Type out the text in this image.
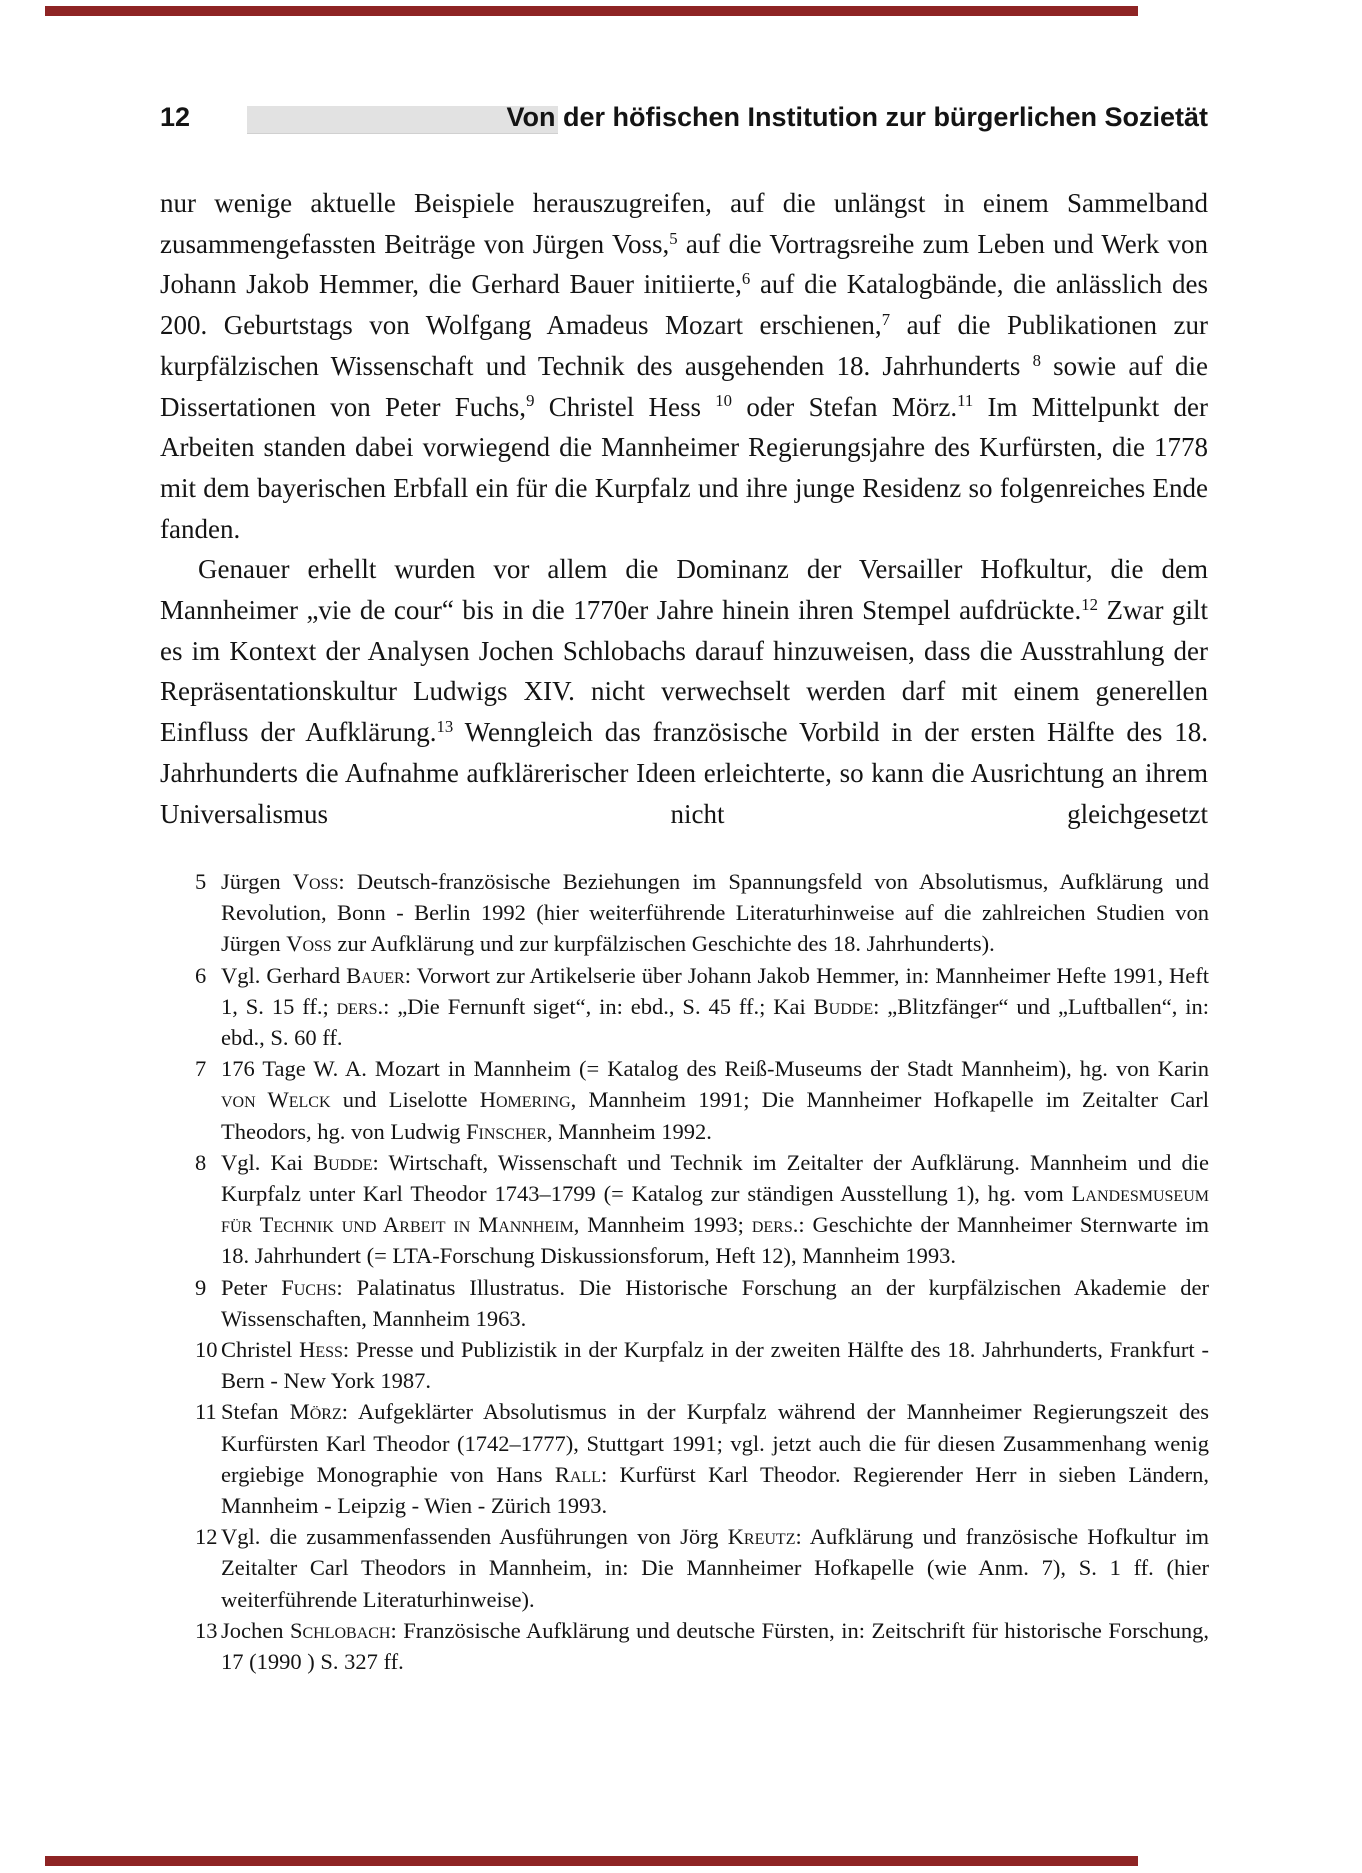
12	Von der höfischen Institution zur bürgerlichen Sozietät

nur wenige aktuelle Beispiele herauszugreifen, auf die unlängst in einem Sammelband zusammengefassten Beiträge von Jürgen Voss,$^5$ auf die Vortragsreihe zum Leben und Werk von Johann Jakob Hemmer, die Gerhard Bauer initiierte,$^6$ auf die Katalogbände, die anlässlich des 200. Geburtstags von Wolfgang Amadeus Mozart erschienen,$^7$ auf die Publikationen zur kurpfälzischen Wissenschaft und Technik des ausgehenden 18. Jahrhunderts $^8$ sowie auf die Dissertationen von Peter Fuchs,$^9$ Christel Hess $^{10}$ oder Stefan Mörz.$^{11}$ Im Mittelpunkt der Arbeiten standen dabei vorwiegend die Mannheimer Regierungsjahre des Kurfürsten, die 1778 mit dem bayerischen Erbfall ein für die Kurpfalz und ihre junge Residenz so folgenreiches Ende fanden.

Genauer erhellt wurden vor allem die Dominanz der Versailler Hofkultur, die dem Mannheimer „vie de cour“ bis in die 1770er Jahre hinein ihren Stempel aufdrückte.$^{12}$ Zwar gilt es im Kontext der Analysen Jochen Schlobachs darauf hinzuweisen, dass die Ausstrahlung der Repräsentationskultur Ludwigs XIV. nicht verwechselt werden darf mit einem generellen Einfluss der Aufklärung.$^{13}$ Wenngleich das französische Vorbild in der ersten Hälfte des 18. Jahrhunderts die Aufnahme aufklärerischer Ideen erleichterte, so kann die Ausrichtung an ihrem Universalismus nicht gleichgesetzt

5 Jürgen Voss: Deutsch-französische Beziehungen im Spannungsfeld von Absolutismus, Aufklärung und Revolution, Bonn - Berlin 1992 (hier weiterführende Literaturhinweise auf die zahlreichen Studien von Jürgen Voss zur Aufklärung und zur kurpfälzischen Geschichte des 18. Jahrhunderts).
6 Vgl. Gerhard Bauer: Vorwort zur Artikelserie über Johann Jakob Hemmer, in: Mannheimer Hefte 1991, Heft 1, S. 15 ff.; ders.: „Die Fernunft siget“, in: ebd., S. 45 ff.; Kai Budde: „Blitzfänger“ und „Luftballen“, in: ebd., S. 60 ff.
7 176 Tage W. A. Mozart in Mannheim (= Katalog des Reiß-Museums der Stadt Mannheim), hg. von Karin von Welck und Liselotte Homering, Mannheim 1991; Die Mannheimer Hofkapelle im Zeitalter Carl Theodors, hg. von Ludwig Finscher, Mannheim 1992.
8 Vgl. Kai Budde: Wirtschaft, Wissenschaft und Technik im Zeitalter der Aufklärung. Mannheim und die Kurpfalz unter Karl Theodor 1743–1799 (= Katalog zur ständigen Ausstellung 1), hg. vom Landesmuseum für Technik und Arbeit in Mannheim, Mannheim 1993; ders.: Geschichte der Mannheimer Sternwarte im 18. Jahrhundert (= LTA-Forschung Diskussionsforum, Heft 12), Mannheim 1993.
9 Peter Fuchs: Palatinatus Illustratus. Die Historische Forschung an der kurpfälzischen Akademie der Wissenschaften, Mannheim 1963.
10 Christel Hess: Presse und Publizistik in der Kurpfalz in der zweiten Hälfte des 18. Jahrhunderts, Frankfurt - Bern - New York 1987.
11 Stefan Mörz: Aufgeklärter Absolutismus in der Kurpfalz während der Mannheimer Regierungszeit des Kurfürsten Karl Theodor (1742–1777), Stuttgart 1991; vgl. jetzt auch die für diesen Zusammenhang wenig ergiebige Monographie von Hans Rall: Kurfürst Karl Theodor. Regierender Herr in sieben Ländern, Mannheim - Leipzig - Wien - Zürich 1993.
12 Vgl. die zusammenfassenden Ausführungen von Jörg Kreutz: Aufklärung und französische Hofkultur im Zeitalter Carl Theodors in Mannheim, in: Die Mannheimer Hofkapelle (wie Anm. 7), S. 1 ff. (hier weiterführende Literaturhinweise).
13 Jochen Schlobach: Französische Aufklärung und deutsche Fürsten, in: Zeitschrift für historische Forschung, 17 (1990 ) S. 327 ff.
